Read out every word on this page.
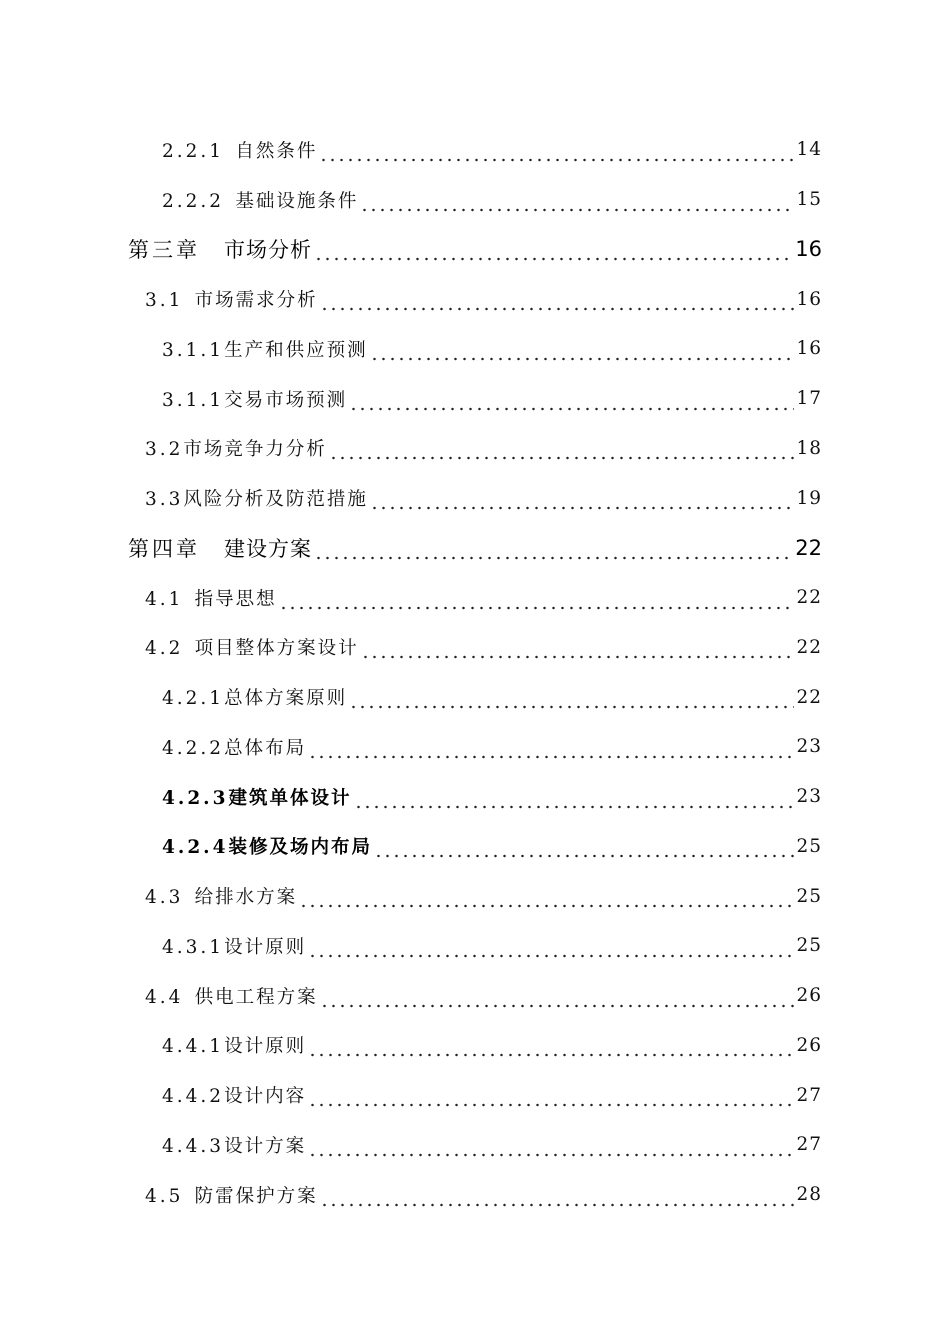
2.2.1  自然条件	14
2.2.2  基础设施条件	15
第三章 市场分析	16
3.1  市场需求分析	16
3.1.1生产和供应预测	16
3.1.1交易市场预测	17
3.2市场竞争力分析	18
3.3风险分析及防范措施	19
第四章 建设方案	22
4.1  指导思想	22
4.2  项目整体方案设计	22
4.2.1总体方案原则	22
4.2.2总体布局	23
4.2.3建筑单体设计	23
4.2.4装修及场内布局	25
4.3  给排水方案	25
4.3.1设计原则	25
4.4  供电工程方案	26
4.4.1设计原则	26
4.4.2设计内容	27
4.4.3设计方案	27
4.5  防雷保护方案	28
